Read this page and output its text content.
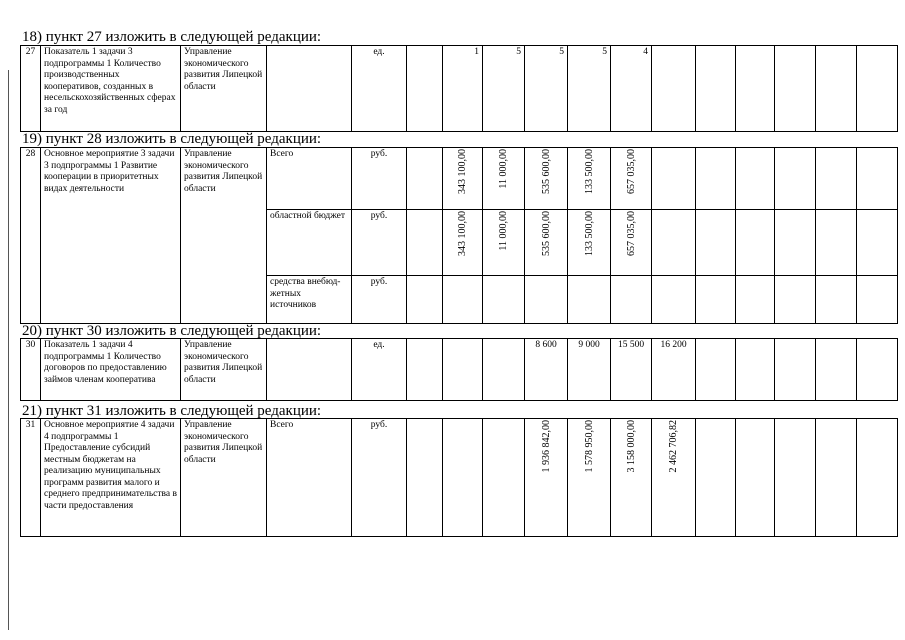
18) пункт 27 изложить в следующей редакции:
27	Показатель 1 задачи 3 подпрограммы 1 Количество производственных кооперативов, созданных в несельскохозяйственных сферах за год	Управление экономического развития Липецкой области		ед.		1	5	5	5	4						
19) пункт 28 изложить в следующей редакции:
28	Основное мероприятие 3 задачи 3 подпрограммы 1 Развитие кооперации в приоритетных видах деятельности	Управление экономического развития Липецкой области	Всего	руб.		343 100,00	11 000,00	535 600,00	133 500,00	657 035,00						

			областной бюджет	руб.		343 100,00	11 000,00	535 600,00	133 500,00	657 035,00						

			средства внебюд-жетных источников	руб.												
20) пункт 30 изложить в следующей редакции:
30	Показатель 1 задачи 4 подпрограммы 1 Количество договоров по предоставлению займов членам кооператива	Управление экономического развития Липецкой области		ед.				8 600	9 000	15 500	16 200					
21) пункт 31 изложить в следующей редакции:
31	Основное мероприятие 4 задачи 4 подпрограммы 1 Предоставление субсидий местным бюджетам на реализацию муниципальных программ развития малого и среднего предпринимательства в части предоставления	Управление экономического развития Липецкой области	Всего	руб.				1 936 842,00	1 578 950,00	3 158 000,00	2 462 706,82
